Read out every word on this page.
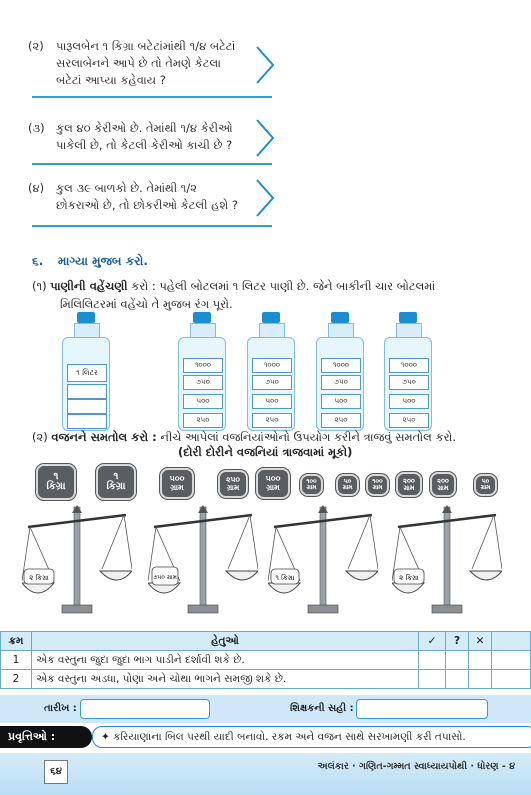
(૨) પારૂલબેન ૧ કિગ્રા બટેટાંમાંથી ૧/૪ બટેટાં
સરલાબેનને આપે છે તો તેમણે કેટલા
બટેટાં આપ્યા કહેવાય ?
(૩) કુલ ૪૦ કેરીઓ છે. તેમાંથી ૧/૪ કેરીઓ
પાકેલી છે, તો કેટલી કેરીઓ કાચી છે ?
(૪) કુલ ૩૯ બાળકો છે. તેમાંથી ૧/૨
છોકરાઓ છે, તો છોકરીઓ કેટલી હશે ?
૬. માગ્યા મુજબ કરો.
(૧) પાણીની વહેંચણી કરો : પહેલી બોટલમાં ૧ લિટર પાણી છે. જેને બાકીની ચાર બોટલમાં
મિલિલિટરમાં વહેંચો તે મુજબ રંગ પૂરો.
૧ લિટર
૧૦૦૦
૭૫૦
૫૦૦
૨૫૦
૧૦૦૦
૭૫૦
૫૦૦
૨૫૦
૧૦૦૦
૭૫૦
૫૦૦
૨૫૦
૧૦૦૦
૭૫૦
૫૦૦
૨૫૦
(૨) વજનને સમતોલ કરો : નીચે આપેલાં વજનિયાંઓનો ઉપયોગ કરીને ત્રાજવું સમતોલ કરો.
(દોરી દોરીને વજનિયાં ત્રાજવામાં મૂકો)
૧
કિગ્રા
૧
કિગ્રા
૫૦૦
ગ્રામ
૨૫૦
ગ્રામ
૫૦૦
ગ્રામ
૧૦૦
ગ્રામ
૫૦
ગ્રામ
૧૦૦
ગ્રામ
૨૦૦
ગ્રામ
૨૦૦
ગ્રામ
૫૦
ગ્રામ
૨ કિગ્રા	૭૫૦ ગ્રામ	૧ કિગ્રા	૨ કિગ્રા
ક્રમ	હેતુઓ	✓	?	✕	
1	એક વસ્તુના જુદા જુદા ભાગ પાડીને દર્શાવી શકે છે.				
2	એક વસ્તુના અડધા, પોણા અને ચોથા ભાગને સમજી શકે છે.				
તારીખ :	શિક્ષકની સહી :
પ્રવૃત્તિઓ :	✦ કરિયાણાના બિલ પરથી યાદી બનાવો. રકમ અને વજન સાથે સરખામણી કરી તપાસો.
૬૪	અલંકાર · ગણિત-ગમ્મત સ્વાધ્યાયપોથી · ધોરણ - ૪
